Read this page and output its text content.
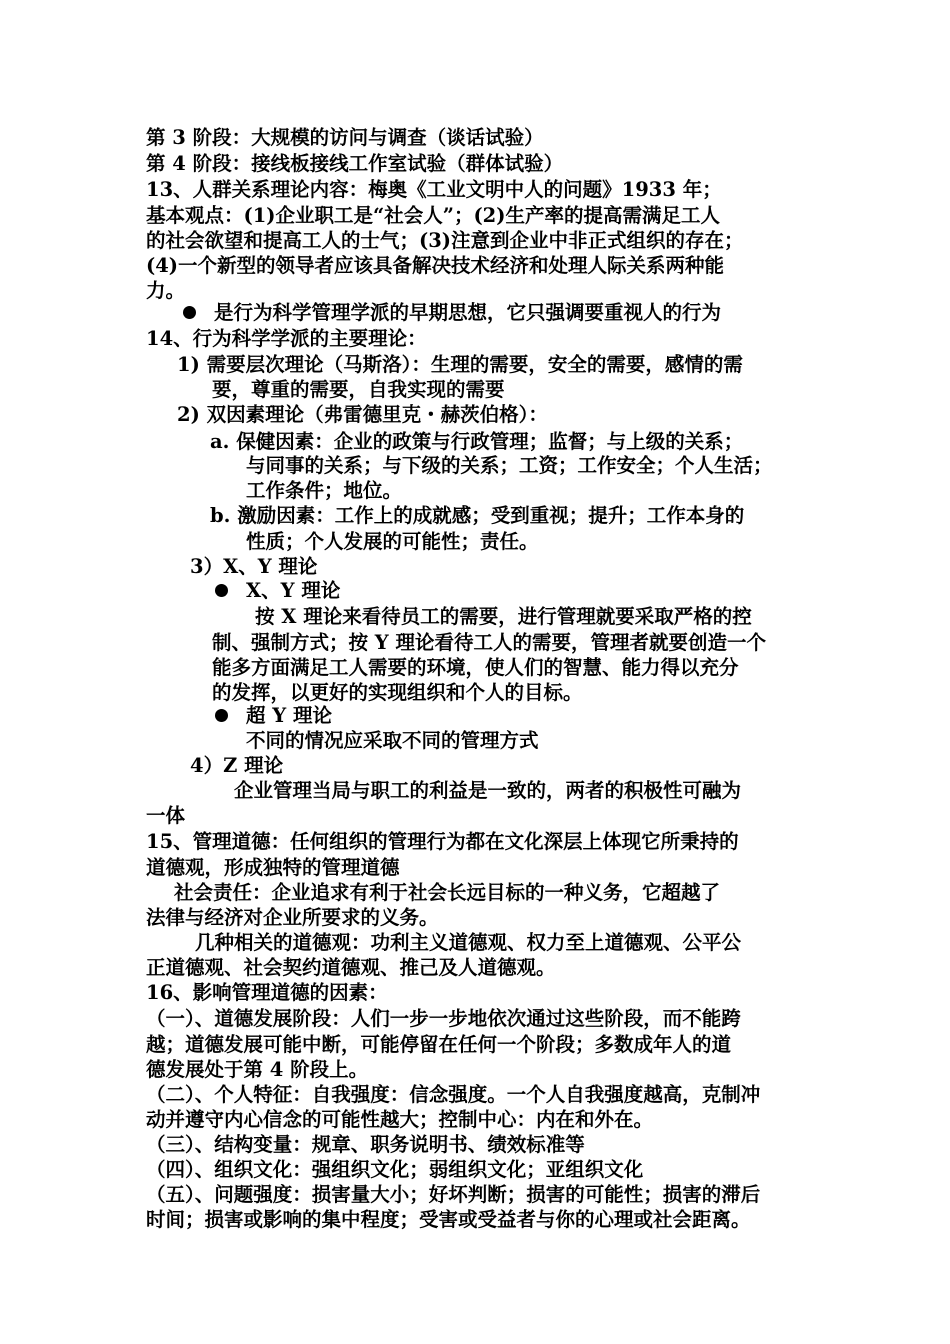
第 3 阶段：大规模的访问与调查（谈话试验）
第 4 阶段：接线板接线工作室试验（群体试验）
13、人群关系理论内容：梅奥《工业文明中人的问题》1933 年；
基本观点：(1)企业职工是“社会人”；(2)生产率的提高需满足工人
的社会欲望和提高工人的士气；(3)注意到企业中非正式组织的存在；
(4)一个新型的领导者应该具备解决技术经济和处理人际关系两种能
力。
是行为科学管理学派的早期思想，它只强调要重视人的行为
14、行为科学学派的主要理论：
1) 需要层次理论（马斯洛）：生理的需要，安全的需要，感情的需
要，尊重的需要，自我实现的需要
2) 双因素理论（弗雷德里克・赫茨伯格）：
a. 保健因素：企业的政策与行政管理；监督；与上级的关系；
与同事的关系；与下级的关系；工资；工作安全；个人生活；
工作条件；地位。
b. 激励因素：工作上的成就感；受到重视；提升；工作本身的
性质；个人发展的可能性；责任。
3）X、Y 理论
X、Y 理论
按 X 理论来看待员工的需要，进行管理就要采取严格的控
制、强制方式；按 Y 理论看待工人的需要，管理者就要创造一个
能多方面满足工人需要的环境，使人们的智慧、能力得以充分
的发挥，以更好的实现组织和个人的目标。
超 Y 理论
不同的情况应采取不同的管理方式
4）Z 理论
企业管理当局与职工的利益是一致的，两者的积极性可融为
一体
15、管理道德：任何组织的管理行为都在文化深层上体现它所秉持的
道德观，形成独特的管理道德
社会责任：企业追求有利于社会长远目标的一种义务，它超越了
法律与经济对企业所要求的义务。
几种相关的道德观：功利主义道德观、权力至上道德观、公平公
正道德观、社会契约道德观、推己及人道德观。
16、影响管理道德的因素：
（一）、道德发展阶段：人们一步一步地依次通过这些阶段，而不能跨
越；道德发展可能中断，可能停留在任何一个阶段；多数成年人的道
德发展处于第 4 阶段上。
（二）、个人特征：自我强度：信念强度。一个人自我强度越高，克制冲
动并遵守内心信念的可能性越大；控制中心：内在和外在。
（三）、结构变量：规章、职务说明书、绩效标准等
（四）、组织文化：强组织文化；弱组织文化；亚组织文化
（五）、问题强度：损害量大小；好坏判断；损害的可能性；损害的滞后
时间；损害或影响的集中程度；受害或受益者与你的心理或社会距离。
